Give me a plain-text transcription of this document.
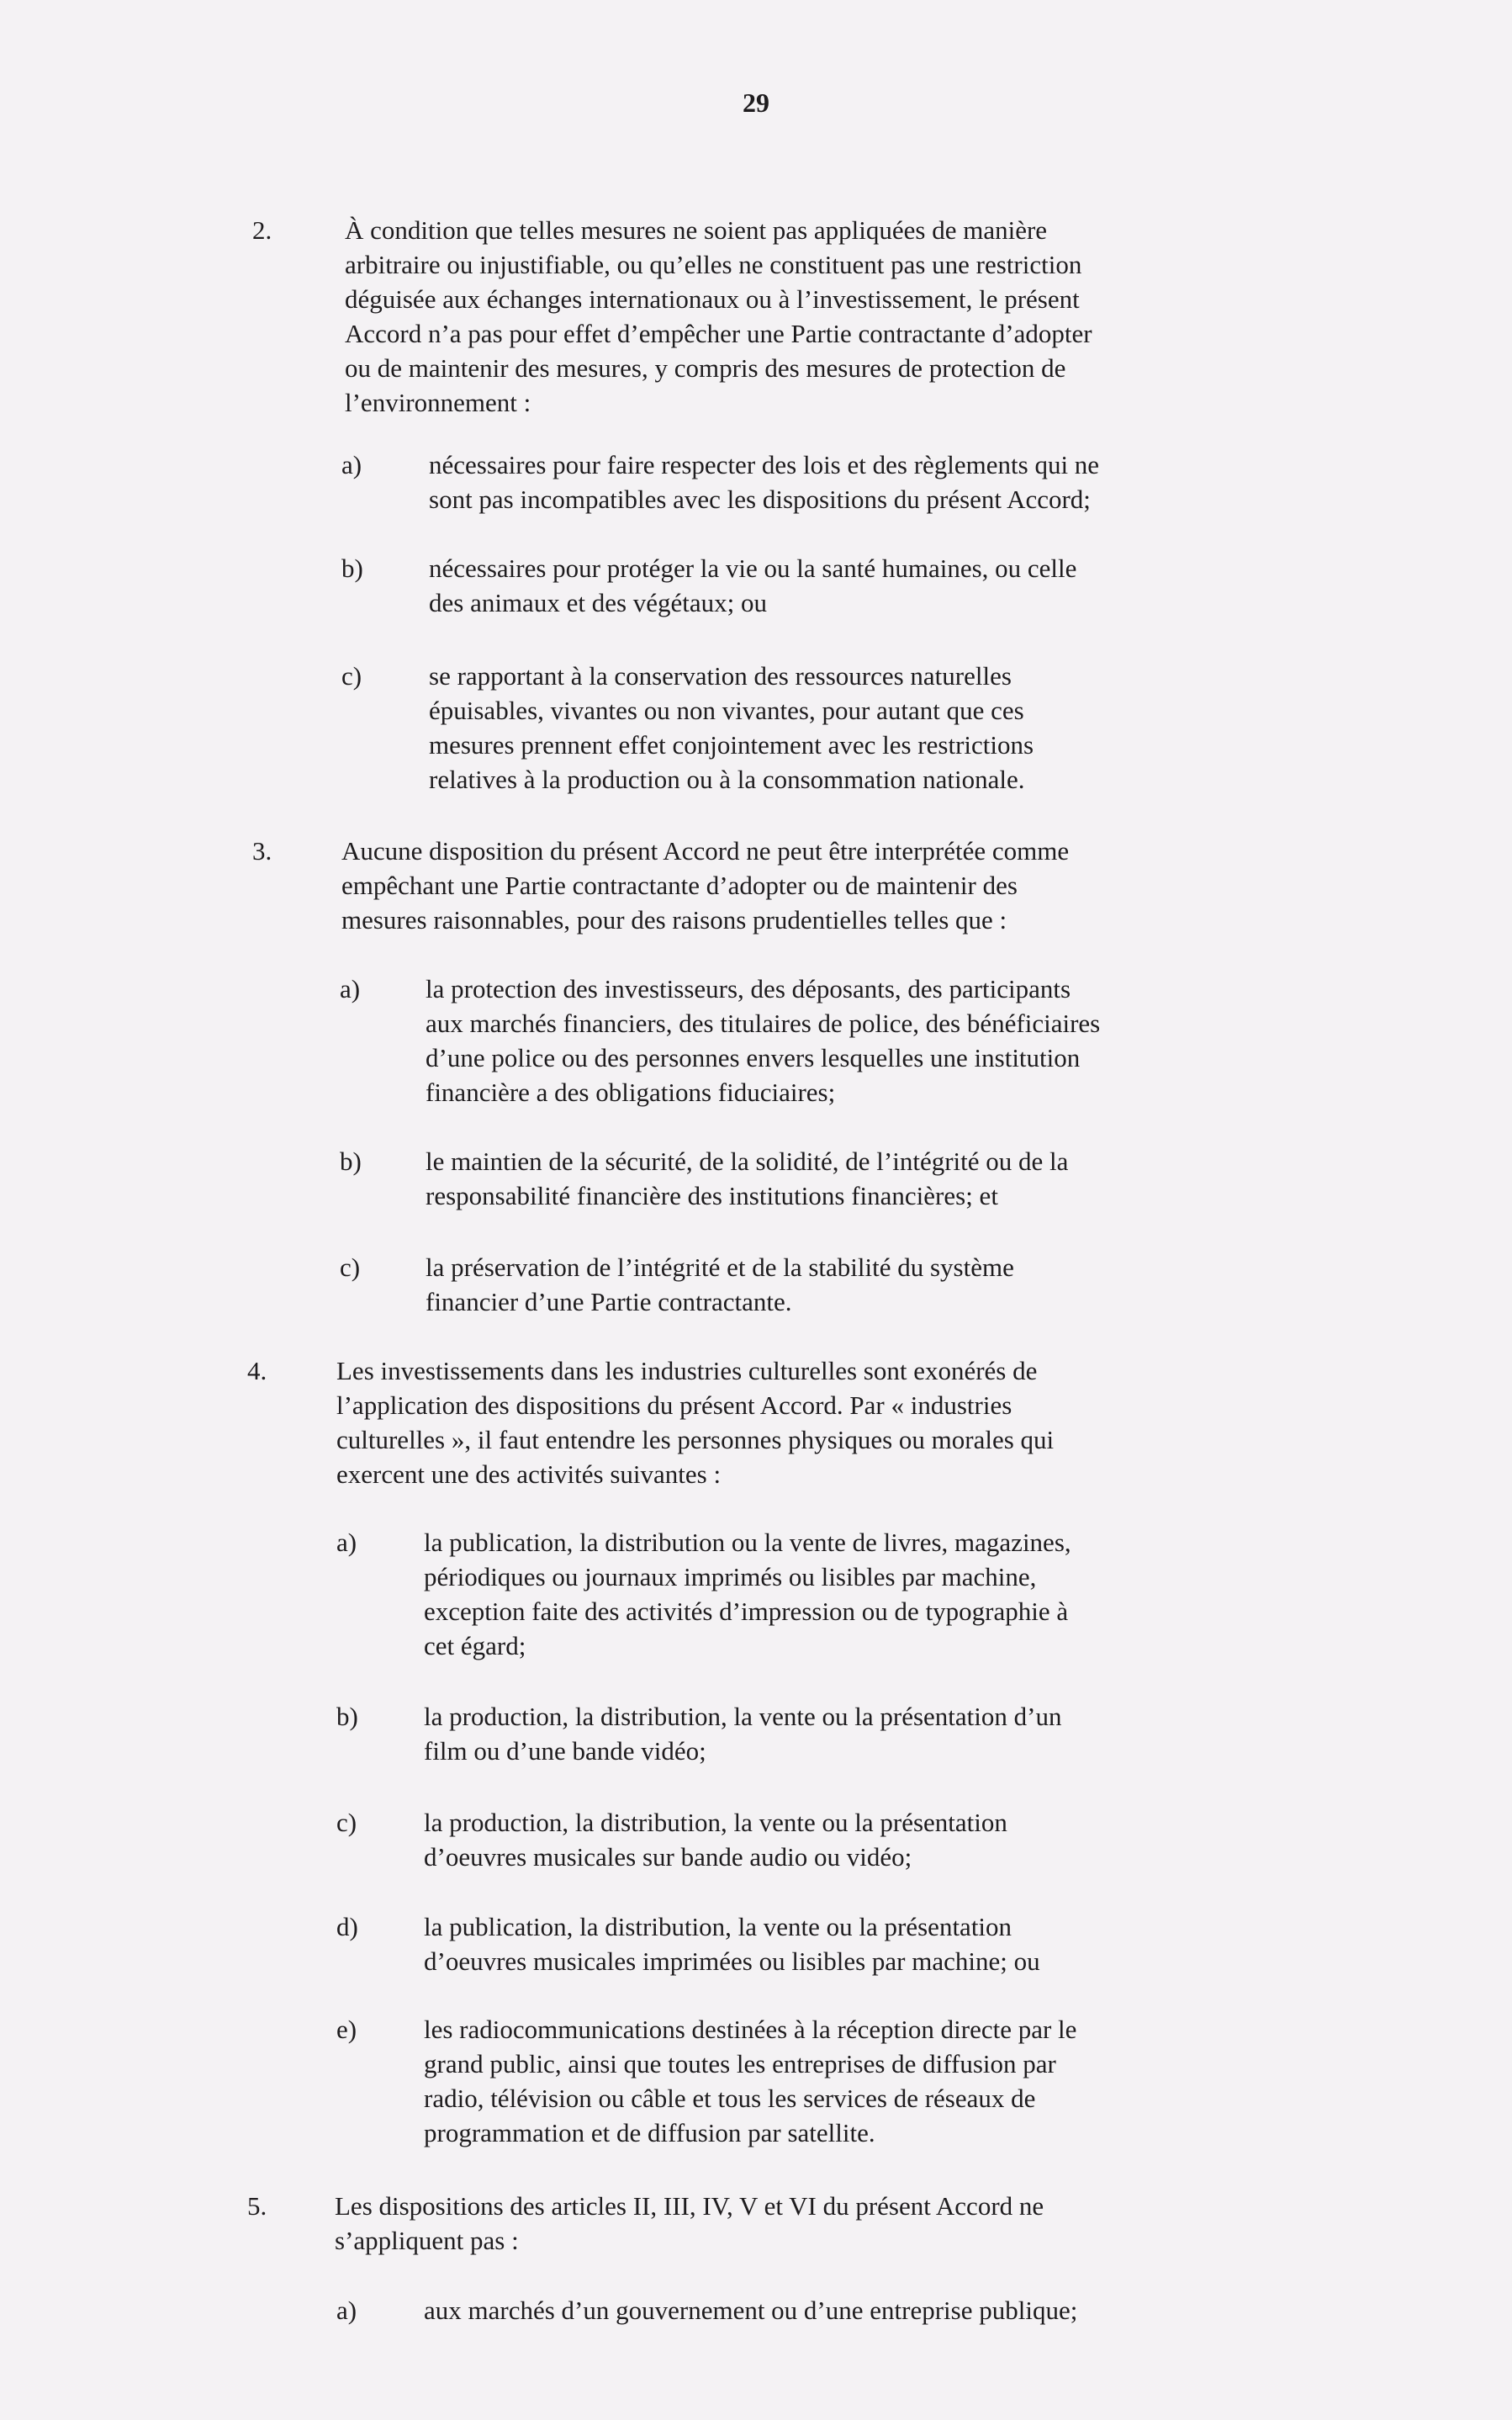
29
2.	À condition que telles mesures ne soient pas appliquées de manière
arbitraire ou injustifiable, ou qu’elles ne constituent pas une restriction
déguisée aux échanges internationaux ou à l’investissement, le présent
Accord n’a pas pour effet d’empêcher une Partie contractante d’adopter
ou de maintenir des mesures, y compris des mesures de protection de
l’environnement :
a)	nécessaires pour faire respecter des lois et des règlements qui ne
sont pas incompatibles avec les dispositions du présent Accord;
b)	nécessaires pour protéger la vie ou la santé humaines, ou celle
des animaux et des végétaux; ou
c)	se rapportant à la conservation des ressources naturelles
épuisables, vivantes ou non vivantes, pour autant que ces
mesures prennent effet conjointement avec les restrictions
relatives à la production ou à la consommation nationale.
3.	Aucune disposition du présent Accord ne peut être interprétée comme
empêchant une Partie contractante d’adopter ou de maintenir des
mesures raisonnables, pour des raisons prudentielles telles que :
a)	la protection des investisseurs, des déposants, des participants
aux marchés financiers, des titulaires de police, des bénéficiaires
d’une police ou des personnes envers lesquelles une institution
financière a des obligations fiduciaires;
b) le maintien de la sécurité, de la solidité, de l’intégrité ou de la
responsabilité financière des institutions financières; et
c)	la préservation de l’intégrité et de la stabilité du système
financier d’une Partie contractante.
4.	Les investissements dans les industries culturelles sont exonérés de
l’application des dispositions du présent Accord. Par « industries
culturelles », il faut entendre les personnes physiques ou morales qui
exercent une des activités suivantes :
a)	la publication, la distribution ou la vente de livres, magazines,
périodiques ou journaux imprimés ou lisibles par machine,
exception faite des activités d’impression ou de typographie à
cet égard;
b)	la production, la distribution, la vente ou la présentation d’un
film ou d’une bande vidéo;
c)	la production, la distribution, la vente ou la présentation
d’oeuvres musicales sur bande audio ou vidéo;
d)	la publication, la distribution, la vente ou la présentation
d’oeuvres musicales imprimées ou lisibles par machine; ou
e)	les radiocommunications destinées à la réception directe par le
grand public, ainsi que toutes les entreprises de diffusion par
radio, télévision ou câble et tous les services de réseaux de
programmation et de diffusion par satellite.
5.	Les dispositions des articles II, III, IV, V et VI du présent Accord ne
s’appliquent pas :
a)	aux marchés d’un gouvernement ou d’une entreprise publique;
